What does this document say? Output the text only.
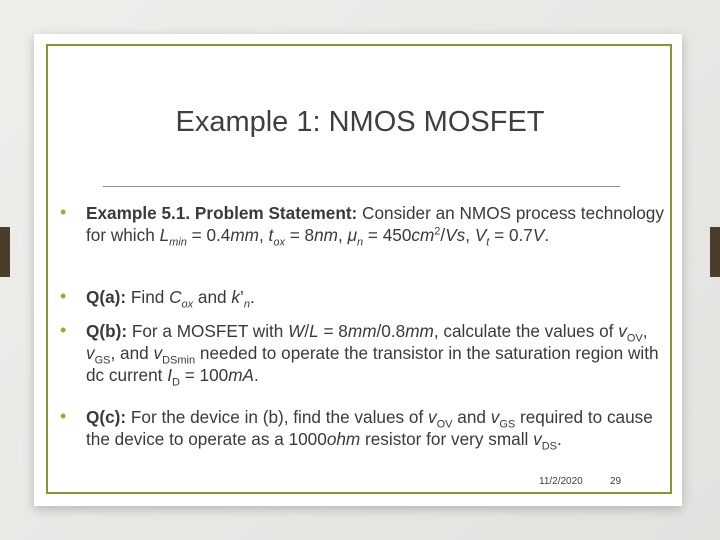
Example 1: NMOS MOSFET
•	Example 5.1. Problem Statement: Consider an NMOS process technology for which $L_{min} = 0.4mm$, $t_{ox} = 8nm$, $\mu_n = 450cm^2/Vs$, $V_t = 0.7V$.
•	Q(a): Find $C_{ox}$ and $k’_n$.
•	Q(b): For a MOSFET with W/L = 8mm/0.8mm, calculate the values of $v_{OV}$, $v_{GS}$, and $v_{DSmin}$ needed to operate the transistor in the saturation region with dc current $I_D = 100mA$.
•	Q(c): For the device in (b), find the values of $v_{OV}$ and $v_{GS}$ required to cause the device to operate as a 1000ohm resistor for very small $v_{DS}$.
11/2/2020	29
